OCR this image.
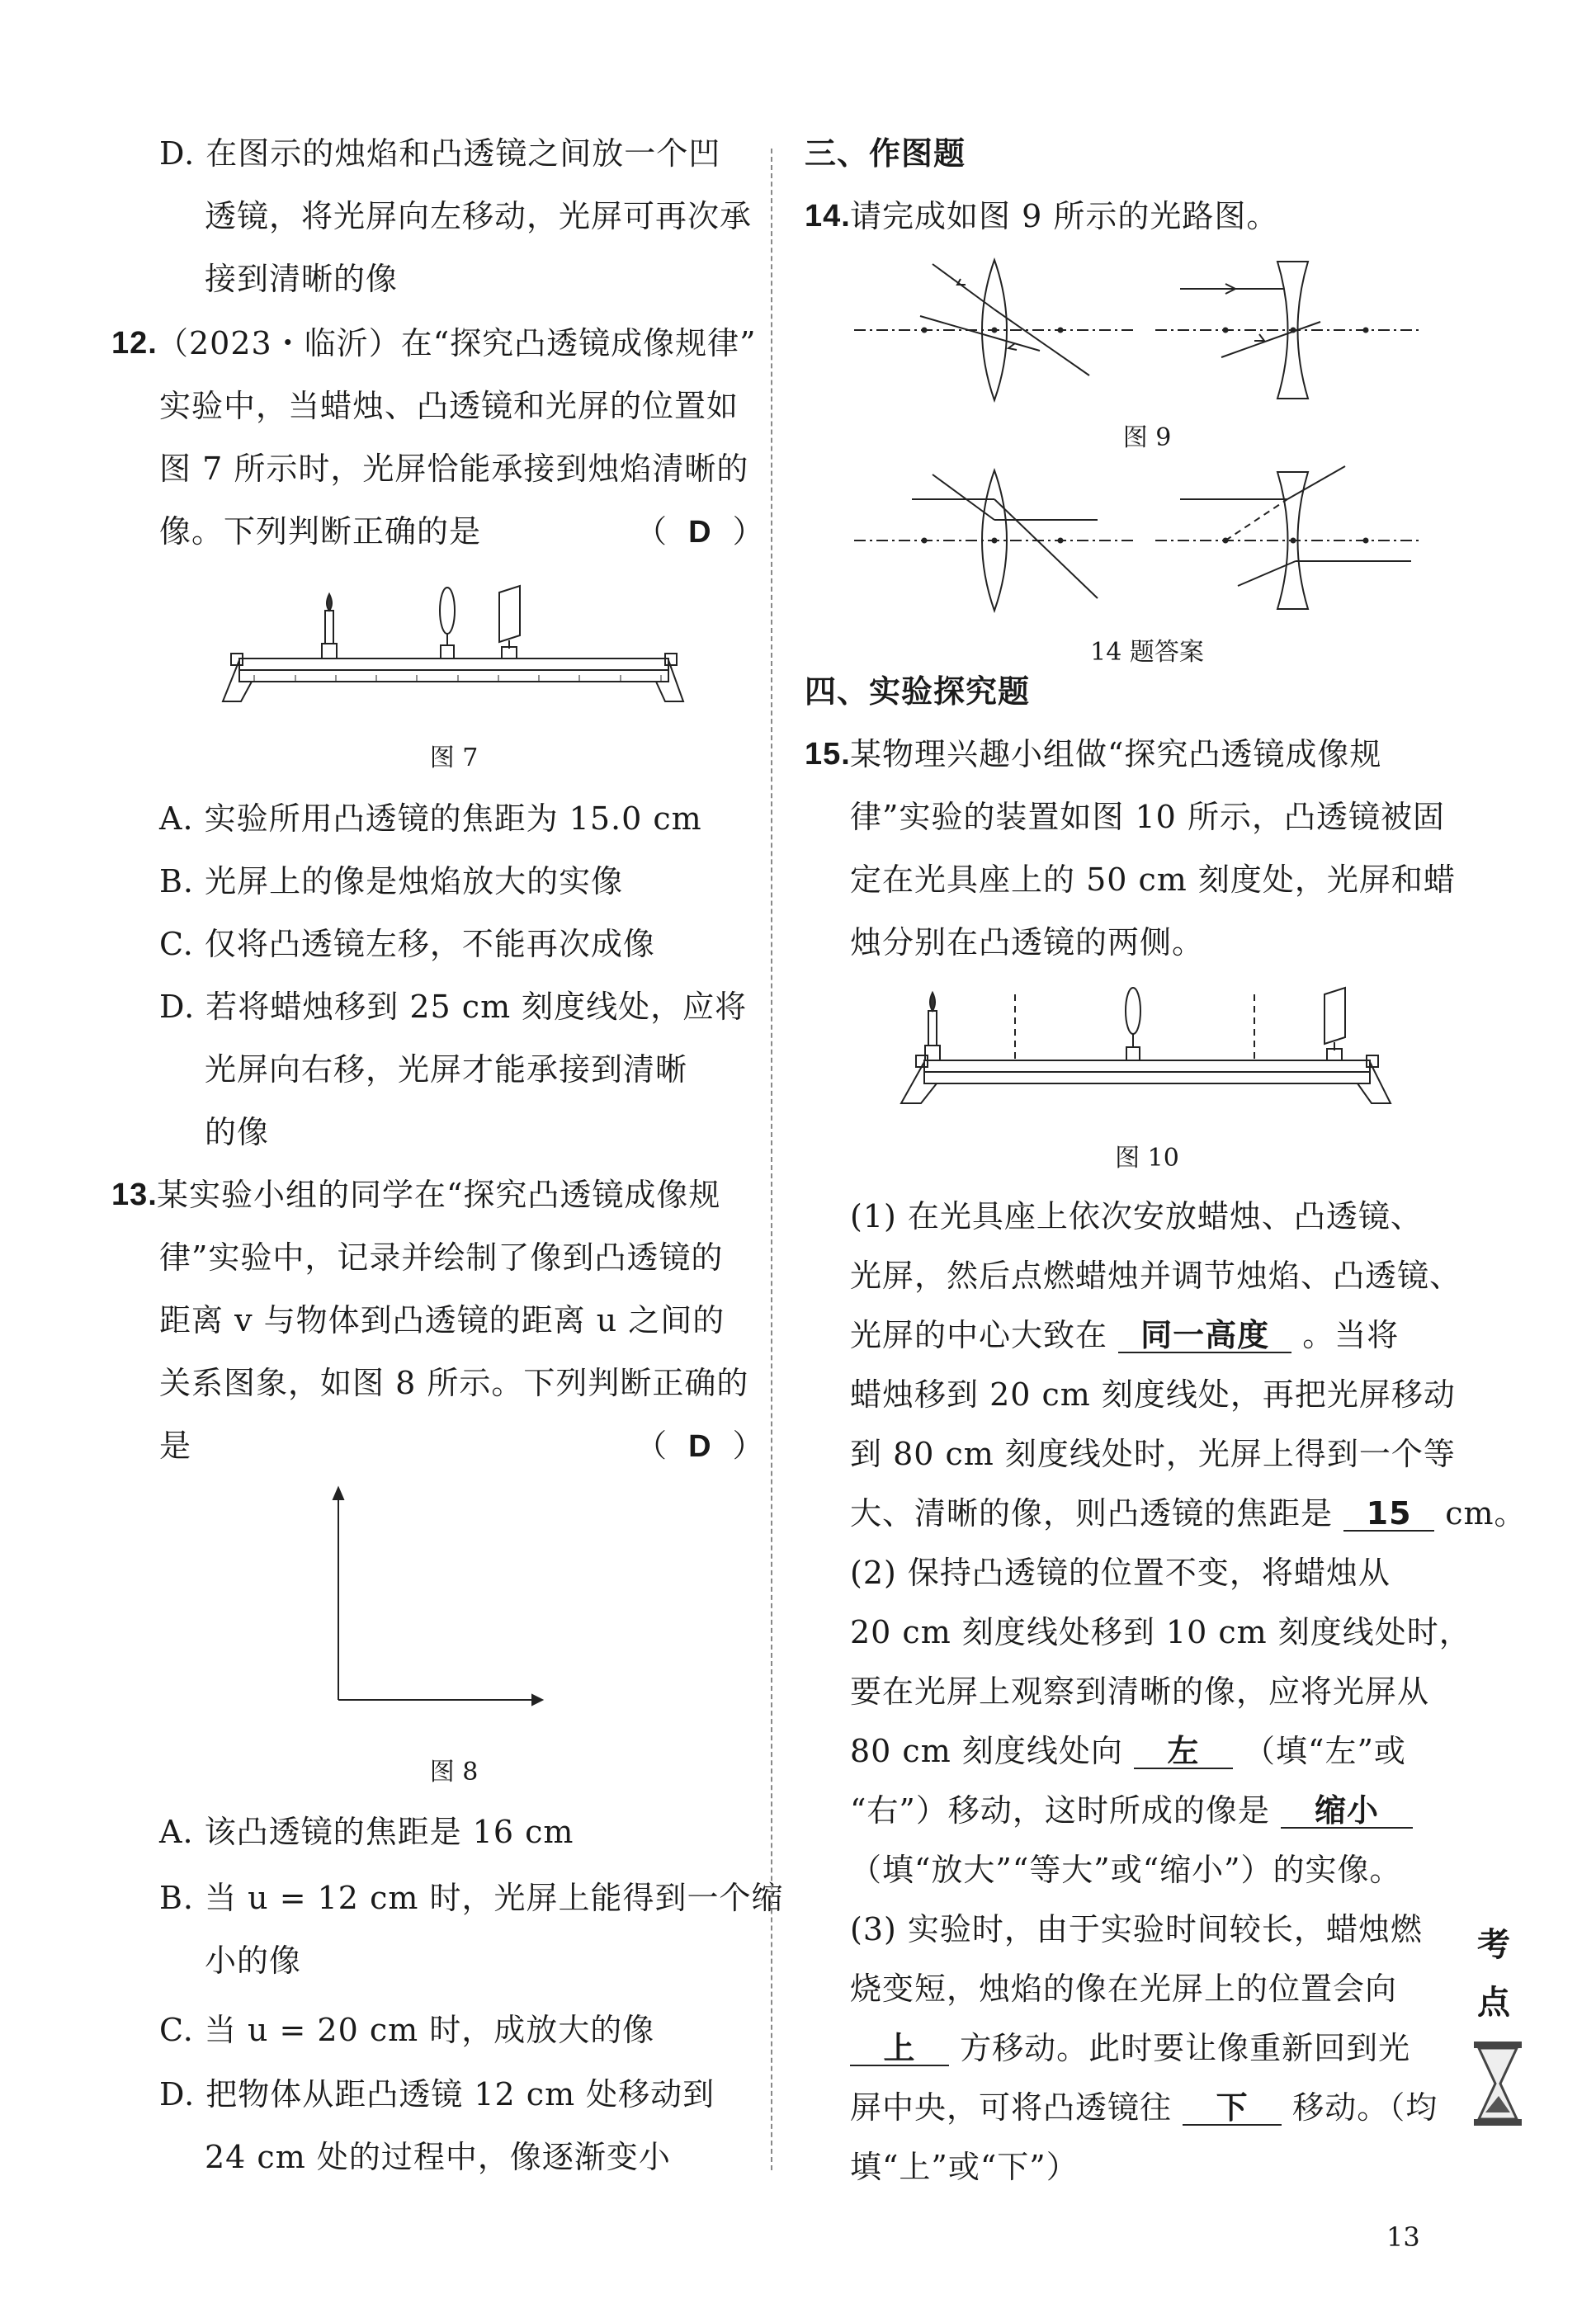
D. 在图示的烛焰和凸透镜之间放一个凹
透镜，将光屏向左移动，光屏可再次承
接到清晰的像
12. （2023・临沂）在“探究凸透镜成像规律”
实验中，当蜡烛、凸透镜和光屏的位置如
图 7 所示时，光屏恰能承接到烛焰清晰的
像。下列判断正确的是	（ D ）
图 7
A. 实验所用凸透镜的焦距为 15.0 cm
B. 光屏上的像是烛焰放大的实像
C. 仅将凸透镜左移，不能再次成像
D. 若将蜡烛移到 25 cm 刻度线处，应将
光屏向右移，光屏才能承接到清晰
的像
13. 某实验小组的同学在“探究凸透镜成像规
律”实验中，记录并绘制了像到凸透镜的
距离 v 与物体到凸透镜的距离 u 之间的
关系图象，如图 8 所示。下列判断正确的
是	（ D ）
图 8
A. 该凸透镜的焦距是 16 cm
B. 当 u = 12 cm 时，光屏上能得到一个缩
小的像
C. 当 u = 20 cm 时，成放大的像
D. 把物体从距凸透镜 12 cm 处移动到
24 cm 处的过程中，像逐渐变小
三、作图题
14. 请完成如图 9 所示的光路图。
图 9
14 题答案
四、实验探究题
15. 某物理兴趣小组做“探究凸透镜成像规
律”实验的装置如图 10 所示，凸透镜被固
定在光具座上的 50 cm 刻度处，光屏和蜡
烛分别在凸透镜的两侧。
图 10
(1) 在光具座上依次安放蜡烛、凸透镜、
光屏，然后点燃蜡烛并调节烛焰、凸透镜、
光屏的中心大致在 同一高度 。当将
蜡烛移到 20 cm 刻度线处，再把光屏移动
到 80 cm 刻度线处时，光屏上得到一个等
大、清晰的像，则凸透镜的焦距是 15 cm。
(2) 保持凸透镜的位置不变，将蜡烛从
20 cm 刻度线处移到 10 cm 刻度线处时，
要在光屏上观察到清晰的像，应将光屏从
80 cm 刻度线处向 左 （填“左”或
“右”）移动，这时所成的像是 缩小
（填“放大”“等大”或“缩小”）的实像。
(3) 实验时，由于实验时间较长，蜡烛燃
烧变短，烛焰的像在光屏上的位置会向
上 方移动。此时要让像重新回到光
屏中央，可将凸透镜往 下 移动。（均
填“上”或“下”）
考
点
13
